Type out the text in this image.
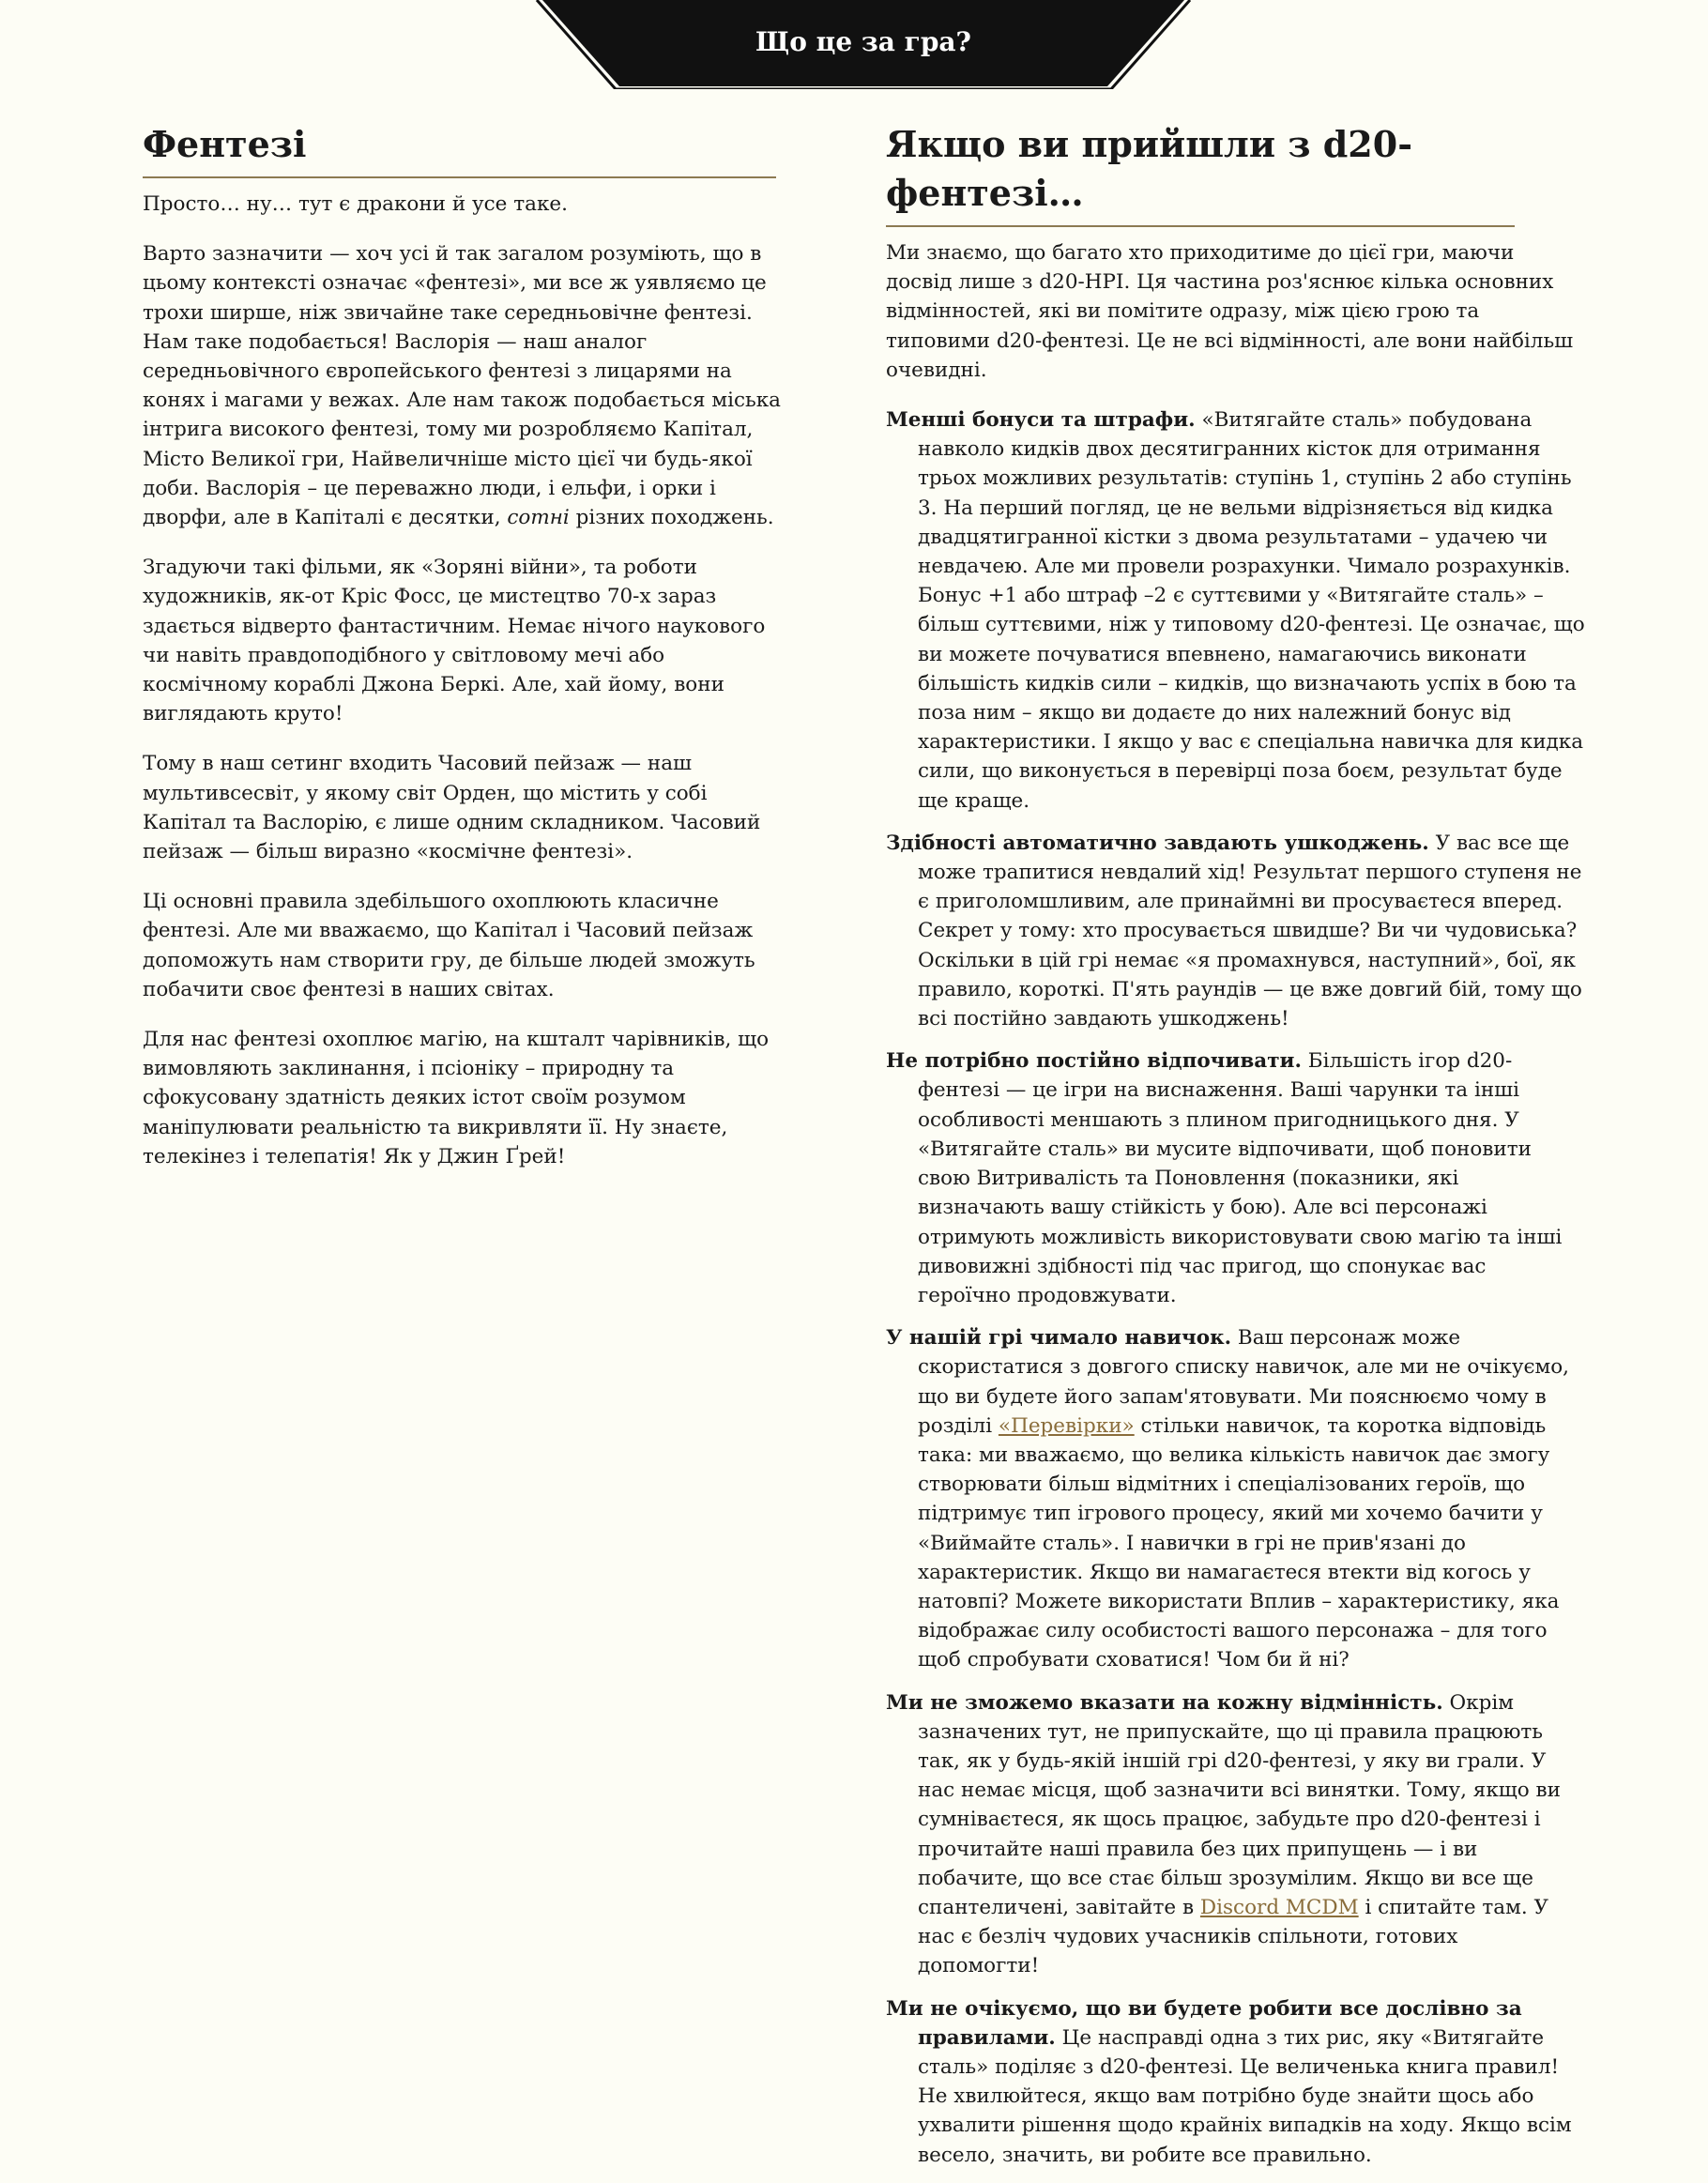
Що це за гра?
Фентезі

Просто… ну… тут є дракони й усе таке.

Варто зазначити — хоч усі й так загалом розуміють, що в цьому контексті означає «фентезі», ми все ж уявляємо це трохи ширше, ніж звичайне таке середньовічне фентезі. Нам таке подобається! Васлорія — наш аналог середньовічного європейського фентезі з лицарями на конях і магами у вежах. Але нам також подобається міська інтрига високого фентезі, тому ми розробляємо Капітал, Місто Великої гри, Найвеличніше місто цієї чи будь-якої доби. Васлорія – це переважно люди, і ельфи, і орки і дворфи, але в Капіталі є десятки, сотні різних походжень.

Згадуючи такі фільми, як «Зоряні війни», та роботи художників, як-от Кріс Фосс, це мистецтво 70-х зараз здається відверто фантастичним. Немає нічого наукового чи навіть правдоподібного у світловому мечі або космічному кораблі Джона Беркі. Але, хай йому, вони виглядають круто!

Тому в наш сетинг входить Часовий пейзаж — наш мультивсесвіт, у якому світ Орден, що містить у собі Капітал та Васлорію, є лише одним складником. Часовий пейзаж — більш виразно «космічне фентезі».

Ці основні правила здебільшого охоплюють класичне фентезі. Але ми вважаємо, що Капітал і Часовий пейзаж допоможуть нам створити гру, де більше людей зможуть побачити своє фентезі в наших світах.

Для нас фентезі охоплює магію, на кшталт чарівників, що вимовляють заклинання, і псіоніку – природну та сфокусовану здатність деяких істот своїм розумом маніпулювати реальністю та викривляти її. Ну знаєте, телекінез і телепатія! Як у Джин Ґрей!

Якщо ви прийшли з d20-фентезі…

Ми знаємо, що багато хто приходитиме до цієї гри, маючи досвід лише з d20-НРІ. Ця частина роз'яснює кілька основних відмінностей, які ви помітите одразу, між цією грою та типовими d20-фентезі. Це не всі відмінності, але вони найбільш очевидні.

Менші бонуси та штрафи. «Витягайте сталь» побудована навколо кидків двох десятигранних кісток для отримання трьох можливих результатів: ступінь 1, ступінь 2 або ступінь 3. На перший погляд, це не вельми відрізняється від кидка двадцятигранної кістки з двома результатами – удачею чи невдачею. Але ми провели розрахунки. Чимало розрахунків. Бонус +1 або штраф –2 є суттєвими у «Витягайте сталь» – більш суттєвими, ніж у типовому d20-фентезі. Це означає, що ви можете почуватися впевнено, намагаючись виконати більшість кидків сили – кидків, що визначають успіх в бою та поза ним – якщо ви додаєте до них належний бонус від характеристики. І якщо у вас є спеціальна навичка для кидка сили, що виконується в перевірці поза боєм, результат буде ще краще.

Здібності автоматично завдають ушкоджень. У вас все ще може трапитися невдалий хід! Результат першого ступеня не є приголомшливим, але принаймні ви просуваєтеся вперед. Секрет у тому: хто просувається швидше? Ви чи чудовиська? Оскільки в цій грі немає «я промахнувся, наступний», бої, як правило, короткі. П'ять раундів — це вже довгий бій, тому що всі постійно завдають ушкоджень!

Не потрібно постійно відпочивати. Більшість ігор d20-фентезі — це ігри на виснаження. Ваші чарунки та інші особливості меншають з плином пригодницького дня. У «Витягайте сталь» ви мусите відпочивати, щоб поновити свою Витривалість та Поновлення (показники, які визначають вашу стійкість у бою). Але всі персонажі отримують можливість використовувати свою магію та інші дивовижні здібності під час пригод, що спонукає вас героїчно продовжувати.

У нашій грі чимало навичок. Ваш персонаж може скористатися з довгого списку навичок, але ми не очікуємо, що ви будете його запам'ятовувати. Ми пояснюємо чому в розділі «Перевірки» стільки навичок, та коротка відповідь така: ми вважаємо, що велика кількість навичок дає змогу створювати більш відмітних і спеціалізованих героїв, що підтримує тип ігрового процесу, який ми хочемо бачити у «Виймайте сталь». І навички в грі не прив'язані до характеристик. Якщо ви намагаєтеся втекти від когось у натовпі? Можете використати Вплив – характеристику, яка відображає силу особистості вашого персонажа – для того щоб спробувати сховатися! Чом би й ні?

Ми не зможемо вказати на кожну відмінність. Окрім зазначених тут, не припускайте, що ці правила працюють так, як у будь-якій іншій грі d20-фентезі, у яку ви грали. У нас немає місця, щоб зазначити всі винятки. Тому, якщо ви сумніваєтеся, як щось працює, забудьте про d20-фентезі і прочитайте наші правила без цих припущень — і ви побачите, що все стає більш зрозумілим. Якщо ви все ще спантеличені, завітайте в Discord MCDM і спитайте там. У нас є безліч чудових учасників спільноти, готових допомогти!

Ми не очікуємо, що ви будете робити все дослівно за правилами. Це насправді одна з тих рис, яку «Витягайте сталь» поділяє з d20-фентезі. Це величенька книга правил! Не хвилюйтеся, якщо вам потрібно буде знайти щось або ухвалити рішення щодо крайніх випадків на ходу. Якщо всім весело, значить, ви робите все правильно.
